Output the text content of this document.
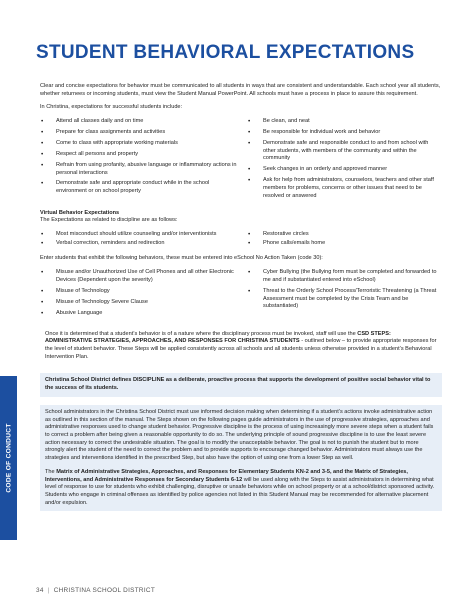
STUDENT BEHAVIORAL EXPECTATIONS

Clear and concise expectations for behavior must be communicated to all students in ways that are consistent and understandable. Each school year all students, whether returnees or incoming students, must view the Student Manual PowerPoint. All schools must have a process in place to assure this requirement.

In Christina, expectations for successful students include:

• Attend all classes daily and on time
• Prepare for class assignments and activities
• Come to class with appropriate working materials
• Respect all persons and property
• Refrain from using profanity, abusive language or inflammatory actions in personal interactions
• Demonstrate safe and appropriate conduct while in the school environment or on school property
• Be clean, and neat
• Be responsible for individual work and behavior
• Demonstrate safe and responsible conduct to and from school with other students, with members of the community and within the community
• Seek changes in an orderly and approved manner
• Ask for help from administrators, counselors, teachers and other staff members for problems, concerns or other issues that need to be resolved or answered

Virtual Behavior Expectations

The Expectations as related to discipline are as follows:

• Most misconduct should utilize counseling and/or interventionists
• Verbal correction, reminders and redirection
• Restorative circles
• Phone calls/emails home

Enter students that exhibit the following behaviors, these must be entered into eSchool No Action Taken (code 30):

• Misuse and/or Unauthorized Use of Cell Phones and all other Electronic Devices (Dependent upon the severity)
• Misuse of Technology
• Misuse of Technology Severe Clause
• Abusive Language
• Cyber Bullying (the Bullying form must be completed and forwarded to me and if substantiated entered into eSchool)
• Threat to the Orderly School Process/Terroristic Threatening (a Threat Assessment must be completed by the Crisis Team and be substantiated)
Once it is determined that a student’s behavior is of a nature where the disciplinary process must be invoked, staff will use the CSD STEPS: ADMINISTRATIVE STRATEGIES, APPROACHES, AND RESPONSES FOR CHRISTINA STUDENTS - outlined below – to provide appropriate responses for the level of student behavior. These Steps will be applied consistently across all schools and all students unless otherwise provided in a student’s Behavioral Intervention Plan.
Christina School District defines DISCIPLINE as a deliberate, proactive process that supports the development of positive social behavior vital to the success of its students.

School administrators in the Christina School District must use informed decision making when determining if a student’s actions invoke administrative action as outlined in this section of the manual. The Steps shown on the following pages guide administrators in the use of progressive strategies, approaches and administrative responses used to change student behavior. Progressive discipline is the process of using increasingly more severe steps when a student fails to correct a problem after being given a reasonable opportunity to do so. The underlying principle of sound progressive discipline is to use the least severe action necessary to correct the undesirable situation. The goal is to modify the unacceptable behavior. The goal is not to punish the student but to more strongly alert the student of the need to correct the problem and to provide supports to encourage changed behavior. Administrators must always use the strategies and interventions identified in the prescribed Step, but also have the option of using one from a lower Step as well.

The Matrix of Administrative Strategies, Approaches, and Responses for Elementary Students KN-2 and 3-5, and the Matrix of Strategies, Interventions, and Administrative Responses for Secondary Students 6-12 will be used along with the Steps to assist administrators in determining what level of response to use for students who exhibit challenging, disruptive or unsafe behaviors while on school property or at a school/district sponsored activity. Students who engage in criminal offenses as identified by police agencies not listed in this Student Manual may be recommended for alternative placement and/or expulsion.

CODE OF CONDUCT
34 | CHRISTINA SCHOOL DISTRICT
